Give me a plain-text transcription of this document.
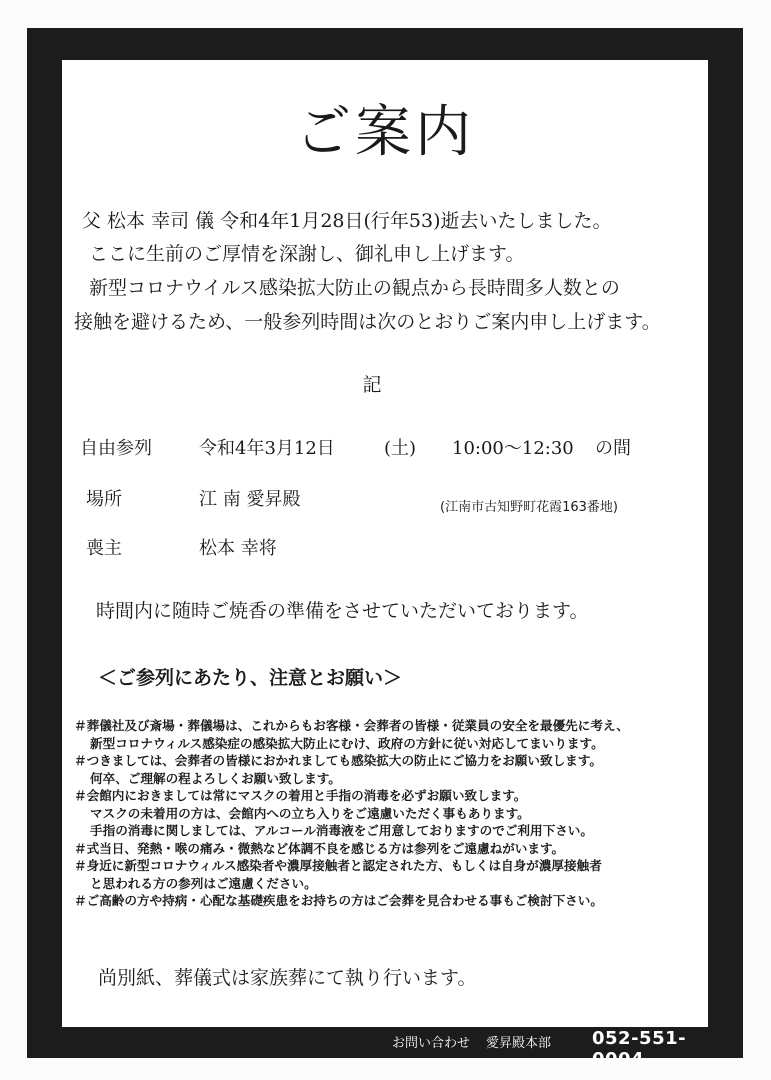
ご案内
父 松本 幸司 儀 令和4年1月28日(行年53)逝去いたしました。
ここに生前のご厚情を深謝し、御礼申し上げます。
新型コロナウイルス感染拡大防止の観点から長時間多人数との
接触を避けるため、一般参列時間は次のとおりご案内申し上げます。
記
自由参列	令和4年3月12日	(土) 10:00～12:30 の間
場所	江 南 愛昇殿	(江南市古知野町花霞163番地)
喪主	松本 幸将
時間内に随時ご焼香の準備をさせていただいております。
＜ご参列にあたり、注意とお願い＞
＃葬儀社及び斎場・葬儀場は、これからもお客様・会葬者の皆様・従業員の安全を最優先に考え、
新型コロナウィルス感染症の感染拡大防止にむけ、政府の方針に従い対応してまいります。
＃つきましては、会葬者の皆様におかれましても感染拡大の防止にご協力をお願い致します。
何卒、ご理解の程よろしくお願い致します。
＃会館内におきましては常にマスクの着用と手指の消毒を必ずお願い致します。
マスクの未着用の方は、会館内への立ち入りをご遠慮いただく事もあります。
手指の消毒に関しましては、アルコール消毒液をご用意しておりますのでご利用下さい。
＃式当日、発熱・喉の痛み・微熱など体調不良を感じる方は参列をご遠慮ねがいます。
＃身近に新型コロナウィルス感染者や濃厚接触者と認定された方、もしくは自身が濃厚接触者
と思われる方の参列はご遠慮ください。
＃ご高齢の方や持病・心配な基礎疾患をお持ちの方はご会葬を見合わせる事もご検討下さい。
尚別紙、葬儀式は家族葬にて執り行います。
お問い合わせ 愛昇殿本部 052-551-0004
